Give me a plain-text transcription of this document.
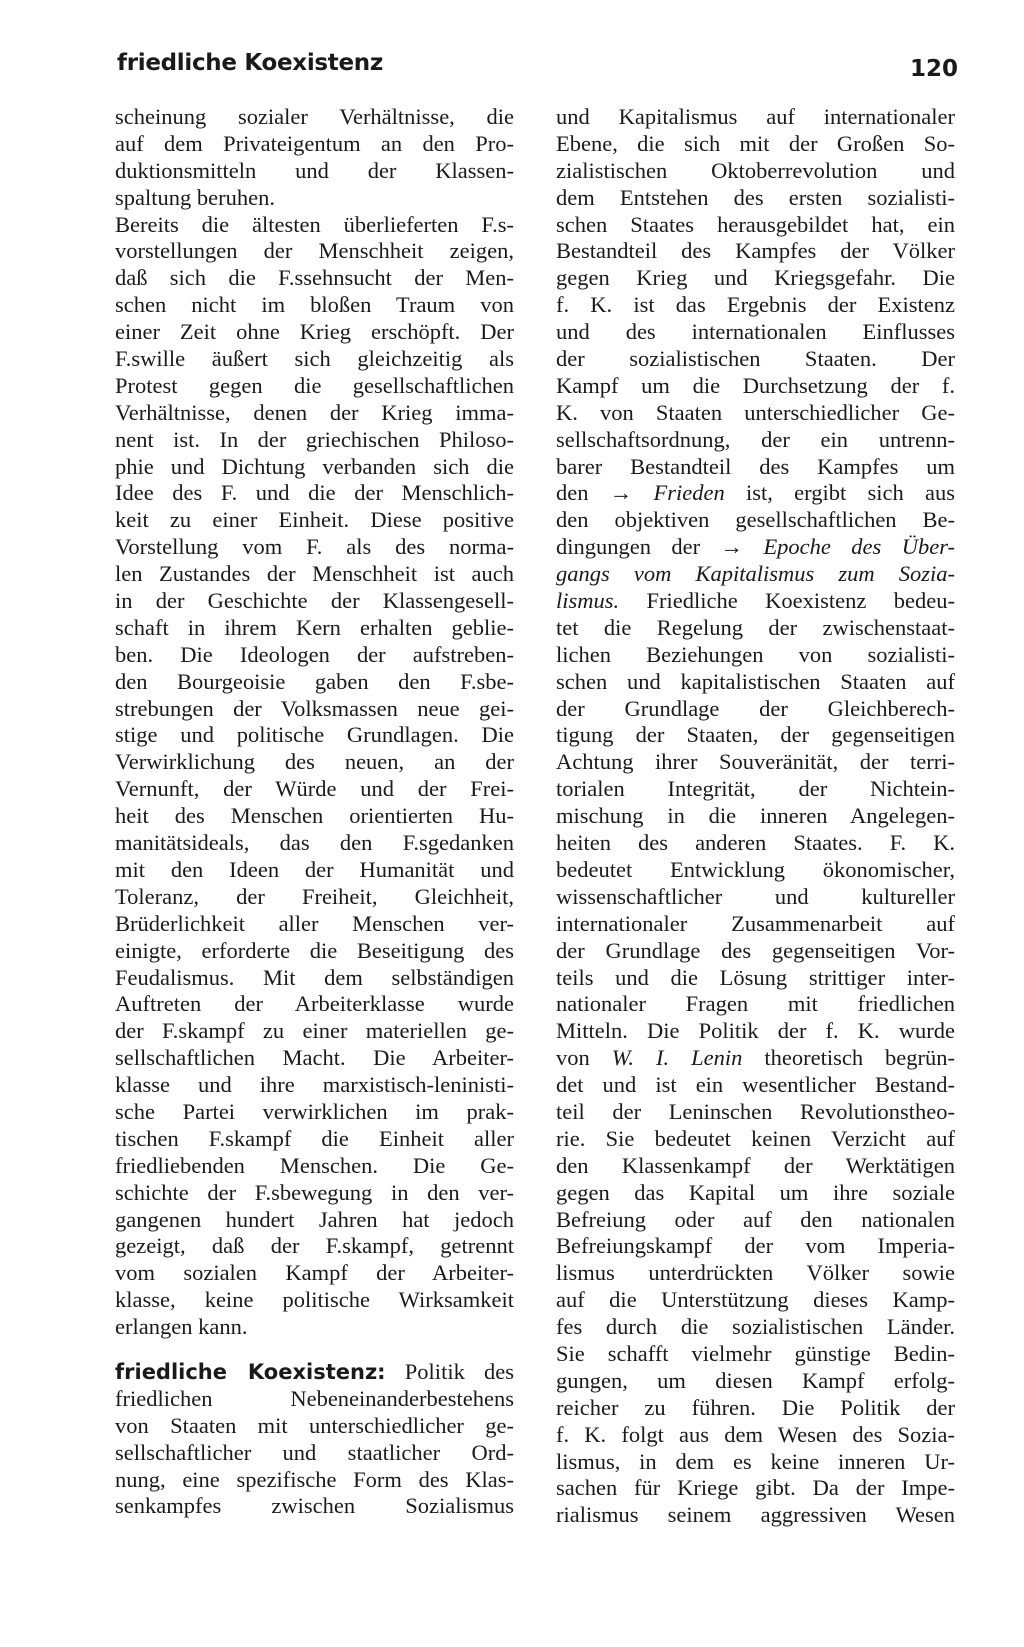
friedliche Koexistenz	120
scheinung sozialer Verhältnisse, die
auf dem Privateigentum an den Pro-
duktionsmitteln und der Klassen-
spaltung beruhen.
Bereits die ältesten überlieferten F.s-
vorstellungen der Menschheit zeigen,
daß sich die F.ssehnsucht der Men-
schen nicht im bloßen Traum von
einer Zeit ohne Krieg erschöpft. Der
F.swille äußert sich gleichzeitig als
Protest gegen die gesellschaftlichen
Verhältnisse, denen der Krieg imma-
nent ist. In der griechischen Philoso-
phie und Dichtung verbanden sich die
Idee des F. und die der Menschlich-
keit zu einer Einheit. Diese positive
Vorstellung vom F. als des norma-
len Zustandes der Menschheit ist auch
in der Geschichte der Klassengesell-
schaft in ihrem Kern erhalten geblie-
ben. Die Ideologen der aufstreben-
den Bourgeoisie gaben den F.sbe-
strebungen der Volksmassen neue gei-
stige und politische Grundlagen. Die
Verwirklichung des neuen, an der
Vernunft, der Würde und der Frei-
heit des Menschen orientierten Hu-
manitätsideals, das den F.sgedanken
mit den Ideen der Humanität und
Toleranz, der Freiheit, Gleichheit,
Brüderlichkeit aller Menschen ver-
einigte, erforderte die Beseitigung des
Feudalismus. Mit dem selbständigen
Auftreten der Arbeiterklasse wurde
der F.skampf zu einer materiellen ge-
sellschaftlichen Macht. Die Arbeiter-
klasse und ihre marxistisch-leninisti-
sche Partei verwirklichen im prak-
tischen F.skampf die Einheit aller
friedliebenden Menschen. Die Ge-
schichte der F.sbewegung in den ver-
gangenen hundert Jahren hat jedoch
gezeigt, daß der F.skampf, getrennt
vom sozialen Kampf der Arbeiter-
klasse, keine politische Wirksamkeit
erlangen kann.
friedliche Koexistenz: Politik des
friedlichen Nebeneinanderbestehens
von Staaten mit unterschiedlicher ge-
sellschaftlicher und staatlicher Ord-
nung, eine spezifische Form des Klas-
senkampfes zwischen Sozialismus
und Kapitalismus auf internationaler
Ebene, die sich mit der Großen So-
zialistischen Oktoberrevolution und
dem Entstehen des ersten sozialisti-
schen Staates herausgebildet hat, ein
Bestandteil des Kampfes der Völker
gegen Krieg und Kriegsgefahr. Die
f. K. ist das Ergebnis der Existenz
und des internationalen Einflusses
der sozialistischen Staaten. Der
Kampf um die Durchsetzung der f.
K. von Staaten unterschiedlicher Ge-
sellschaftsordnung, der ein untrenn-
barer Bestandteil des Kampfes um
den → Frieden ist, ergibt sich aus
den objektiven gesellschaftlichen Be-
dingungen der → Epoche des Über-
gangs vom Kapitalismus zum Sozia-
lismus. Friedliche Koexistenz bedeu-
tet die Regelung der zwischenstaat-
lichen Beziehungen von sozialisti-
schen und kapitalistischen Staaten auf
der Grundlage der Gleichberech-
tigung der Staaten, der gegenseitigen
Achtung ihrer Souveränität, der terri-
torialen Integrität, der Nichtein-
mischung in die inneren Angelegen-
heiten des anderen Staates. F. K.
bedeutet Entwicklung ökonomischer,
wissenschaftlicher und kultureller
internationaler Zusammenarbeit auf
der Grundlage des gegenseitigen Vor-
teils und die Lösung strittiger inter-
nationaler Fragen mit friedlichen
Mitteln. Die Politik der f. K. wurde
von W. I. Lenin theoretisch begrün-
det und ist ein wesentlicher Bestand-
teil der Leninschen Revolutionstheo-
rie. Sie bedeutet keinen Verzicht auf
den Klassenkampf der Werktätigen
gegen das Kapital um ihre soziale
Befreiung oder auf den nationalen
Befreiungskampf der vom Imperia-
lismus unterdrückten Völker sowie
auf die Unterstützung dieses Kamp-
fes durch die sozialistischen Länder.
Sie schafft vielmehr günstige Bedin-
gungen, um diesen Kampf erfolg-
reicher zu führen. Die Politik der
f. K. folgt aus dem Wesen des Sozia-
lismus, in dem es keine inneren Ur-
sachen für Kriege gibt. Da der Impe-
rialismus seinem aggressiven Wesen
